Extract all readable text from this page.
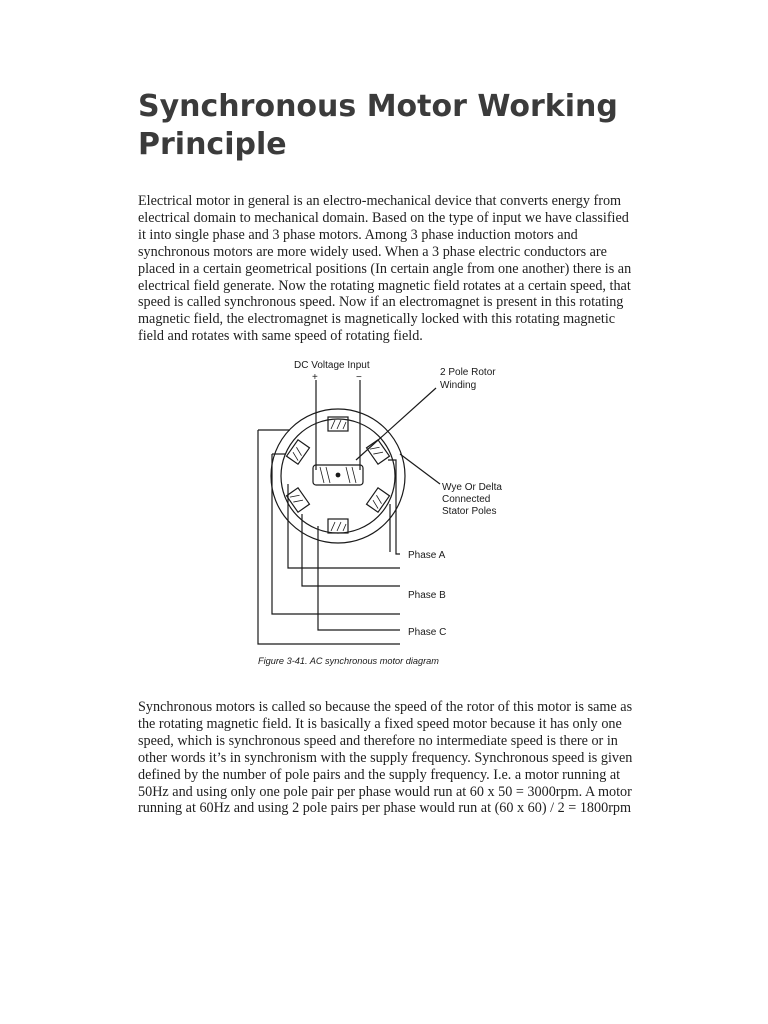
Synchronous Motor Working Principle

Electrical motor in general is an electro-mechanical device that converts energy from electrical domain to mechanical domain. Based on the type of input we have classified it into single phase and 3 phase motors. Among 3 phase induction motors and synchronous motors are more widely used. When a 3 phase electric conductors are placed in a certain geometrical positions (In certain angle from one another) there is an electrical field generate. Now the rotating magnetic field rotates at a certain speed, that speed is called synchronous speed. Now if an electromagnet is present in this rotating magnetic field, the electromagnet is magnetically locked with this rotating magnetic field and rotates with same speed of rotating field.

DC Voltage Input
+	−	2 Pole Rotor
Winding
Wye Or Delta
Connected
Stator Poles
Phase A
Phase B
Phase C
Figure 3-41. AC synchronous motor diagram

Synchronous motors is called so because the speed of the rotor of this motor is same as the rotating magnetic field. It is basically a fixed speed motor because it has only one speed, which is synchronous speed and therefore no intermediate speed is there or in other words it’s in synchronism with the supply frequency. Synchronous speed is given defined by the number of pole pairs and the supply frequency. I.e. a motor running at 50Hz and using only one pole pair per phase would run at 60 x 50 = 3000rpm. A motor running at 60Hz and using 2 pole pairs per phase would run at (60 x 60) / 2 = 1800rpm
